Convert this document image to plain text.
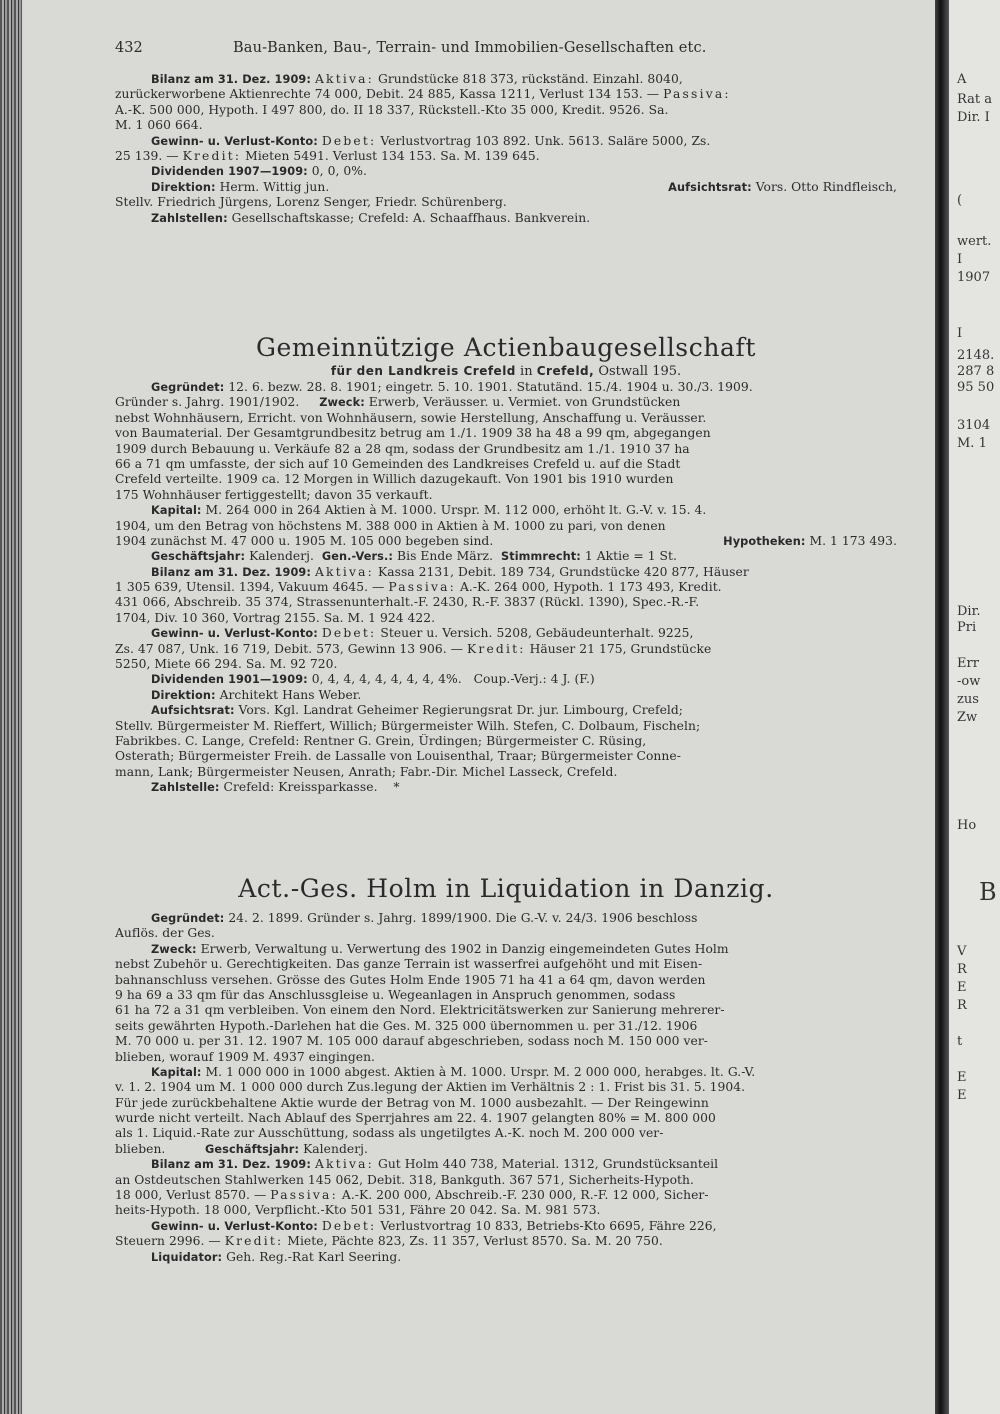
432	Bau-Banken, Bau-, Terrain- und Immobilien-Gesellschaften etc.
Bilanz am 31. Dez. 1909: Aktiva: Grundstücke 818 373, rückständ. Einzahl. 8040,
zurückerworbene Aktienrechte 74 000, Debit. 24 885, Kassa 1211, Verlust 134 153. — Passiva:
A.-K. 500 000, Hypoth. I 497 800, do. II 18 337, Rückstell.-Kto 35 000, Kredit. 9526. Sa.
M. 1 060 664.
Gewinn- u. Verlust-Konto: Debet: Verlustvortrag 103 892. Unk. 5613. Saläre 5000, Zs.
25 139. — Kredit: Mieten 5491. Verlust 134 153. Sa. M. 139 645.
Dividenden 1907—1909: 0, 0, 0%.
Direktion: Herm. Wittig jun.	Aufsichtsrat: Vors. Otto Rindfleisch,
Stellv. Friedrich Jürgens, Lorenz Senger, Friedr. Schürenberg.
Zahlstellen: Gesellschaftskasse; Crefeld: A. Schaaffhaus. Bankverein.
Gemeinnützige Actienbaugesellschaft
für den Landkreis Crefeld in Crefeld, Ostwall 195.
Gegründet: 12. 6. bezw. 28. 8. 1901; eingetr. 5. 10. 1901. Statutänd. 15./4. 1904 u. 30./3. 1909.
Gründer s. Jahrg. 1901/1902. Zweck: Erwerb, Veräusser. u. Vermiet. von Grundstücken
nebst Wohnhäusern, Erricht. von Wohnhäusern, sowie Herstellung, Anschaffung u. Veräusser.
von Baumaterial. Der Gesamtgrundbesitz betrug am 1./1. 1909 38 ha 48 a 99 qm, abgegangen
1909 durch Bebauung u. Verkäufe 82 a 28 qm, sodass der Grundbesitz am 1./1. 1910 37 ha
66 a 71 qm umfasste, der sich auf 10 Gemeinden des Landkreises Crefeld u. auf die Stadt
Crefeld verteilte. 1909 ca. 12 Morgen in Willich dazugekauft. Von 1901 bis 1910 wurden
175 Wohnhäuser fertiggestellt; davon 35 verkauft.
Kapital: M. 264 000 in 264 Aktien à M. 1000. Urspr. M. 112 000, erhöht lt. G.-V. v. 15. 4.
1904, um den Betrag von höchstens M. 388 000 in Aktien à M. 1000 zu pari, von denen
1904 zunächst M. 47 000 u. 1905 M. 105 000 begeben sind.	Hypotheken: M. 1 173 493.
Geschäftsjahr: Kalenderj. Gen.-Vers.: Bis Ende März. Stimmrecht: 1 Aktie = 1 St.
Bilanz am 31. Dez. 1909: Aktiva: Kassa 2131, Debit. 189 734, Grundstücke 420 877, Häuser
1 305 639, Utensil. 1394, Vakuum 4645. — Passiva: A.-K. 264 000, Hypoth. 1 173 493, Kredit.
431 066, Abschreib. 35 374, Strassenunterhalt.-F. 2430, R.-F. 3837 (Rückl. 1390), Spec.-R.-F.
1704, Div. 10 360, Vortrag 2155. Sa. M. 1 924 422.
Gewinn- u. Verlust-Konto: Debet: Steuer u. Versich. 5208, Gebäudeunterhalt. 9225,
Zs. 47 087, Unk. 16 719, Debit. 573, Gewinn 13 906. — Kredit: Häuser 21 175, Grundstücke
5250, Miete 66 294. Sa. M. 92 720.
Dividenden 1901—1909: 0, 4, 4, 4, 4, 4, 4, 4, 4%. Coup.-Verj.: 4 J. (F.)
Direktion: Architekt Hans Weber.
Aufsichtsrat: Vors. Kgl. Landrat Geheimer Regierungsrat Dr. jur. Limbourg, Crefeld;
Stellv. Bürgermeister M. Rieffert, Willich; Bürgermeister Wilh. Stefen, C. Dolbaum, Fischeln;
Fabrikbes. C. Lange, Crefeld: Rentner G. Grein, Ürdingen; Bürgermeister C. Rüsing,
Osterath; Bürgermeister Freih. de Lassalle von Louisenthal, Traar; Bürgermeister Conne-
mann, Lank; Bürgermeister Neusen, Anrath; Fabr.-Dir. Michel Lasseck, Crefeld.
Zahlstelle: Crefeld: Kreissparkasse. *
Act.-Ges. Holm in Liquidation in Danzig.
Gegründet: 24. 2. 1899. Gründer s. Jahrg. 1899/1900. Die G.-V. v. 24/3. 1906 beschloss
Auflös. der Ges.
Zweck: Erwerb, Verwaltung u. Verwertung des 1902 in Danzig eingemeindeten Gutes Holm
nebst Zubehör u. Gerechtigkeiten. Das ganze Terrain ist wasserfrei aufgehöht und mit Eisen-
bahnanschluss versehen. Grösse des Gutes Holm Ende 1905 71 ha 41 a 64 qm, davon werden
9 ha 69 a 33 qm für das Anschlussgleise u. Wegeanlagen in Anspruch genommen, sodass
61 ha 72 a 31 qm verbleiben. Von einem den Nord. Elektricitätswerken zur Sanierung mehrerer-
seits gewährten Hypoth.-Darlehen hat die Ges. M. 325 000 übernommen u. per 31./12. 1906
M. 70 000 u. per 31. 12. 1907 M. 105 000 darauf abgeschrieben, sodass noch M. 150 000 ver-
blieben, worauf 1909 M. 4937 eingingen.
Kapital: M. 1 000 000 in 1000 abgest. Aktien à M. 1000. Urspr. M. 2 000 000, herabges. lt. G.-V.
v. 1. 2. 1904 um M. 1 000 000 durch Zus.legung der Aktien im Verhältnis 2 : 1. Frist bis 31. 5. 1904.
Für jede zurückbehaltene Aktie wurde der Betrag von M. 1000 ausbezahlt. — Der Reingewinn
wurde nicht verteilt. Nach Ablauf des Sperrjahres am 22. 4. 1907 gelangten 80% = M. 800 000
als 1. Liquid.-Rate zur Ausschüttung, sodass als ungetilgtes A.-K. noch M. 200 000 ver-
blieben.	Geschäftsjahr: Kalenderj.
Bilanz am 31. Dez. 1909: Aktiva: Gut Holm 440 738, Material. 1312, Grundstücksanteil
an Ostdeutschen Stahlwerken 145 062, Debit. 318, Bankguth. 367 571, Sicherheits-Hypoth.
18 000, Verlust 8570. — Passiva: A.-K. 200 000, Abschreib.-F. 230 000, R.-F. 12 000, Sicher-
heits-Hypoth. 18 000, Verpflicht.-Kto 501 531, Fähre 20 042. Sa. M. 981 573.
Gewinn- u. Verlust-Konto: Debet: Verlustvortrag 10 833, Betriebs-Kto 6695, Fähre 226,
Steuern 2996. — Kredit: Miete, Pächte 823, Zs. 11 357, Verlust 8570. Sa. M. 20 750.
Liquidator: Geh. Reg.-Rat Karl Seering.
A
Rat a
Dir. I
(
wert.
I
1907
I
2148.
287 8
95 50
3104
M. 1
Dir.
Pri
Err
-ow
zus
Zw
Ho
B
V
R
E
R
t
E
E
